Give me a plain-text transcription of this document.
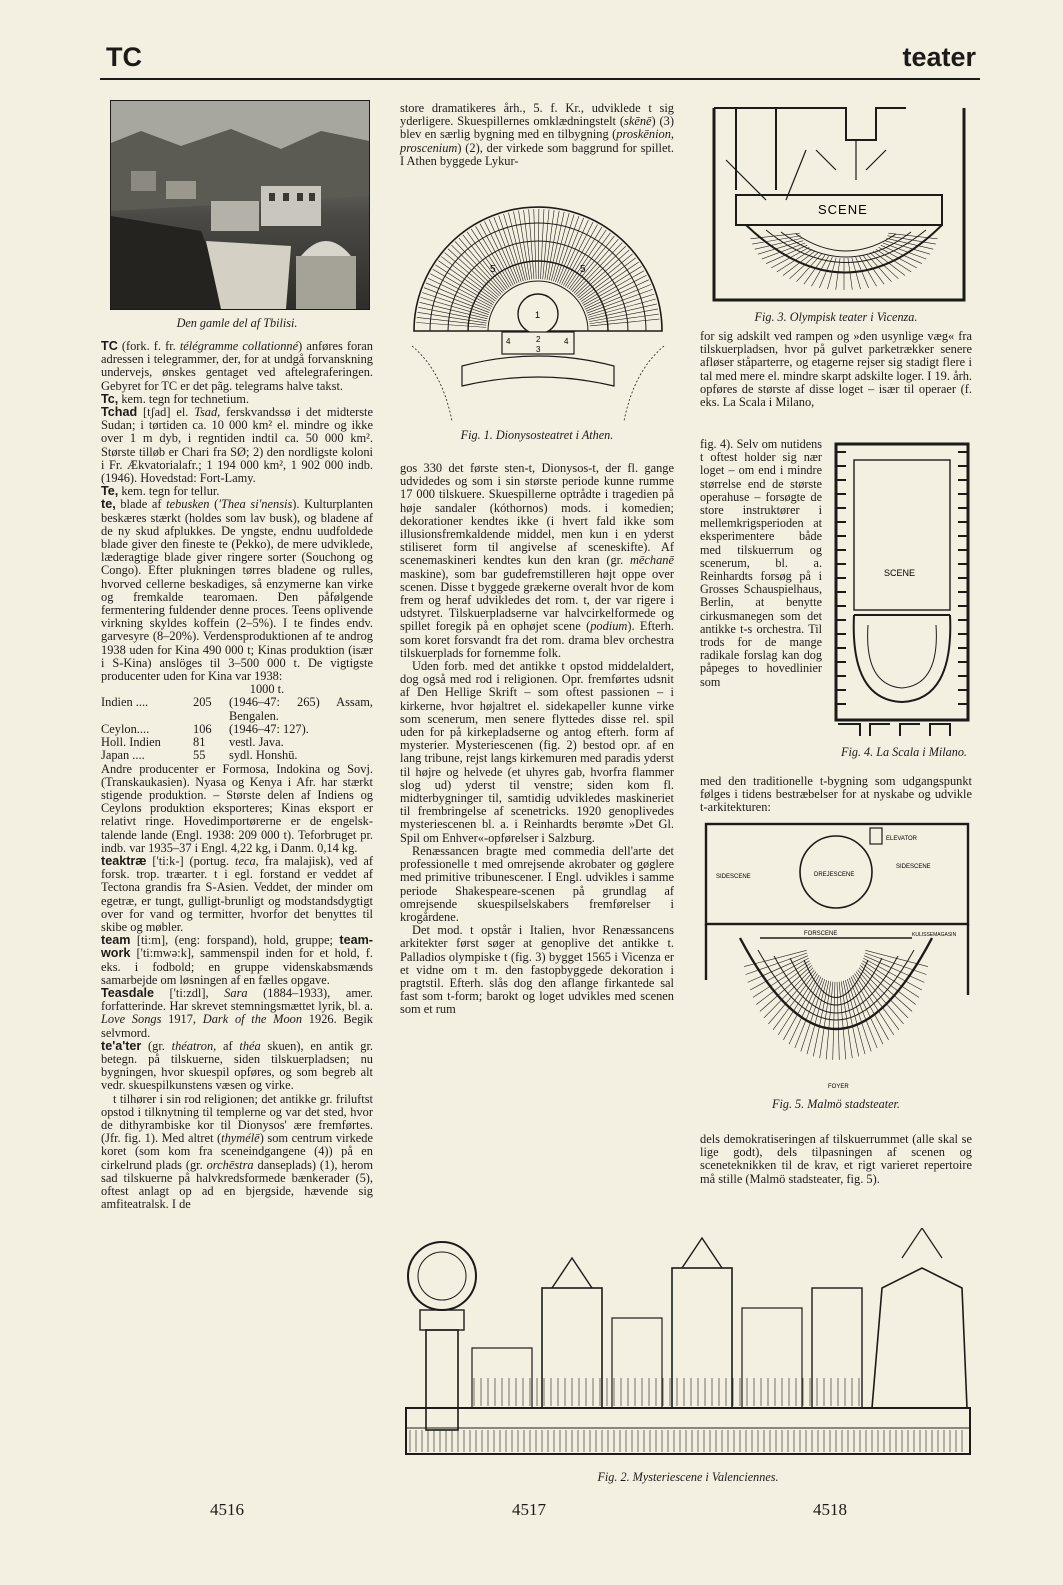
TC	teater
Den gamle del af Tbilisi.

TC (fork. f. fr. télégramme collationné) anføres foran adressen i telegrammer, der, for at undgå forvanskning undervejs, ønskes gentaget ved aftelegraferingen. Gebyret for TC er det pãg. telegrams halve takst.

Tc, kem. tegn for technetium.

Tchad [tʃad] el. Tsad, ferskvandssø i det midterste Sudan; i tørtiden ca. 10 000 km² el. mindre og ikke over 1 m dyb, i regntiden indtil ca. 50 000 km². Største tilløb er Chari fra SØ; 2) den nordligste koloni i Fr. Ækvatorialafr.; 1 194 000 km², 1 902 000 indb. (1946). Hovedstad: Fort-Lamy.

Te, kem. tegn for tellur.

te, blade af tebusken ('Thea si'nensis). Kulturplanten beskæres stærkt (holdes som lav busk), og bladene af de ny skud afplukkes. De yngste, endnu uudfoldede blade giver den fineste te (Pekko), de mere udviklede, læderagtige blade giver ringere sorter (Souchong og Congo). Efter plukningen tørres bladene og rulles, hvorved cellerne beskadiges, så enzymerne kan virke og fremkalde tearomaen. Den påfølgende fermentering fuldender denne proces. Teens oplivende virkning skyldes koffein (2–5%). I te findes endv. garvesyre (8–20%). Verdensproduktionen af te androg 1938 uden for Kina 490 000 t; Kinas produktion (især i S-Kina) anslöges til 3–500 000 t. De vigtigste producenter uden for Kina var 1938:

1000 t.		
Indien ....	205	(1946–47: 265) Assam, Bengalen.
Ceylon....	106	(1946–47: 127).
Holl. Indien	81	vestl. Java.
Japan ....	55	sydl. Honshū.

Andre producenter er Formosa, Indokina og Sovj. (Transkaukasien). Nyasa og Kenya i Afr. har stærkt stigende produktion. – Største delen af Indiens og Ceylons produktion eksporteres; Kinas eksport er relativt ringe. Hovedimportørerne er de engelsk-talende lande (Engl. 1938: 209 000 t). Teforbruget pr. indb. var 1935–37 i Engl. 4,22 kg, i Danm. 0,14 kg.

teaktræ ['ti:k-] (portug. teca, fra malajisk), ved af forsk. trop. træarter. t i egl. forstand er veddet af Tectona grandis fra S-Asien. Veddet, der minder om egetræ, er tungt, gulligt-brunligt og modstandsdygtigt over for vand og termitter, hvorfor det benyttes til skibe og møbler.

team [ti:m], (eng: forspand), hold, gruppe; team-work ['ti:mwə:k], sammenspil inden for et hold, f. eks. i fodbold; en gruppe videnskabsmænds samarbejde om løsningen af en fælles opgave.

Teasdale ['ti:zdl], Sara (1884–1933), amer. forfatterinde. Har skrevet stemningsmættet lyrik, bl. a. Love Songs 1917, Dark of the Moon 1926. Begik selvmord.

te'a'ter (gr. théatron, af théa skuen), en antik gr. betegn. på tilskuerne, siden tilskuerpladsen; nu bygningen, hvor skuespil opføres, og som begreb alt vedr. skuespilkunstens væsen og virke.

t tilhører i sin rod religionen; det antikke gr. friluftst opstod i tilknytning til templerne og var det sted, hvor de dithyrambiske kor til Dionysos' ære fremførtes. (Jfr. fig. 1). Med altret (thymélē) som centrum virkede koret (som kom fra sceneindgangene (4)) på en cirkelrund plads (gr. orchēstra danseplads) (1), herom sad tilskuerne på halvkredsformede bænkerader (5), oftest anlagt op ad en bjergside, hævende sig amfiteatralsk. I de

store dramatikeres årh., 5. f. Kr., udviklede t sig yderligere. Skuespillernes omklædningstelt (skēnē) (3) blev en særlig bygning med en tilbygning (proskēnion, proscenium) (2), der virkede som baggrund for spillet. I Athen byggede Lykur-

1
5	5
4	4
3
2
Fig. 1. Dionysosteatret i Athen.

gos 330 det første sten-t, Dionysos-t, der fl. gange udvidedes og som i sin største periode kunne rumme 17 000 tilskuere. Skuespillerne optrådte i tragedien på høje sandaler (kóthornos) mods. i komedien; dekorationer kendtes ikke (i hvert fald ikke som illusionsfremkaldende middel, men kun i en yderst stiliseret form til angivelse af sceneskifte). Af scenemaskineri kendtes kun den kran (gr. mēchanē maskine), som bar gudefremstilleren højt oppe over scenen. Disse t byggede grækerne overalt hvor de kom frem og heraf udvikledes det rom. t, der var rigere i udstyret. Tilskuerpladserne var halvcirkelformede og spillet foregik på en ophøjet scene (podium). Efterh. som koret forsvandt fra det rom. drama blev orchestra tilskuerplads for fornemme folk.

Uden forb. med det antikke t opstod middelaldert, dog også med rod i religionen. Opr. fremførtes udsnit af Den Hellige Skrift – som oftest passionen – i kirkerne, hvor højaltret el. sidekapeller kunne virke som scenerum, men senere flyttedes disse rel. spil uden for på kirkepladserne og antog efterh. form af mysterier. Mysteriescenen (fig. 2) bestod opr. af en lang tribune, rejst langs kirkemuren med paradis yderst til højre og helvede (et uhyres gab, hvorfra flammer slog ud) yderst til venstre; siden kom fl. midterbygninger til, samtidig udvikledes maskineriet til frembringelse af scenetricks. 1920 genoplivedes mysteriescenen bl. a. i Reinhardts berømte »Det Gl. Spil om Enhver«-opførelser i Salzburg.

Renæssancen bragte med commedia dell'arte det professionelle t med omrejsende akrobater og gøglere med primitive tribunescener. I Engl. udvikles i samme periode Shakespeare-scenen på grundlag af omrejsende skuespilselskabers fremførelser i krogårdene.

Det mod. t opstår i Italien, hvor Renæssancens arkitekter først søger at genoplive det antikke t. Palladios olympiske t (fig. 3) bygget 1565 i Vicenza er et vidne om t m. den fastopbyggede dekoration i pragtstil. Efterh. slås dog den aflange firkantede sal fast som t-form; barokt og loget udvikles med scenen som et rum

SCENE
Fig. 3. Olympisk teater i Vicenza.
for sig adskilt ved rampen og »den usynlige væg« fra tilskuerpladsen, hvor på gulvet parketrækker senere afløser ståparterre, og etagerne rejser sig stadigt flere i tal med mere el. mindre skarpt adskilte loger. I 19. årh. opføres de største af disse loget – især til operaer (f. eks. La Scala i Milano,
fig. 4). Selv om nutidens t oftest holder sig nær loget – om end i mindre størrelse end de største operahuse – forsøgte de store instruktører i mellemkrigsperioden at eksperimentere både med tilskuerrum og scenerum, bl. a. Reinhardts forsøg på i Grosses Schauspielhaus, Berlin, at benytte cirkusmanegen som det antikke t-s orchestra. Til trods for de mange radikale forslag kan dog påpeges to hovedlinier som
SCENE
Fig. 4. La Scala i Milano.
med den traditionelle t-bygning som udgangspunkt følges i tidens bestræbelser for at nyskabe og udvikle t-arkitekturen:
ELEVATOR
SIDESCENE
SIDESCENE	DREJESCENE
FORSCENE	KULISSEMAGASIN
FOYER
Fig. 5. Malmö stadsteater.
dels demokratiseringen af tilskuerrummet (alle skal se lige godt), dels tilpasningen af scenen og sceneteknikken til de krav, et rigt varieret repertoire må stille (Malmö stadsteater, fig. 5).
Fig. 2. Mysteriescene i Valenciennes.
4516	4517	4518
